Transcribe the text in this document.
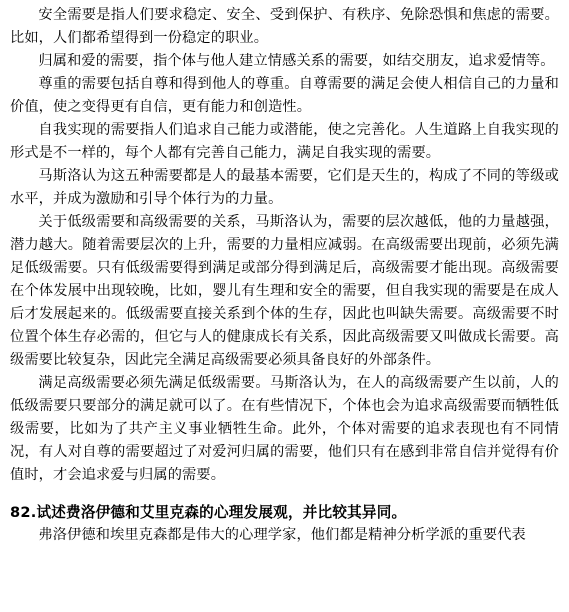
安全需要是指人们要求稳定、安全、受到保护、有秩序、免除恐惧和焦虑的需要。比如，人们都希望得到一份稳定的职业。

归属和爱的需要，指个体与他人建立情感关系的需要，如结交朋友，追求爱情等。

尊重的需要包括自尊和得到他人的尊重。自尊需要的满足会使人相信自己的力量和价值，使之变得更有自信，更有能力和创造性。

自我实现的需要指人们追求自己能力或潜能，使之完善化。人生道路上自我实现的形式是不一样的，每个人都有完善自己能力，满足自我实现的需要。

马斯洛认为这五种需要都是人的最基本需要，它们是天生的，构成了不同的等级或水平，并成为激励和引导个体行为的力量。

关于低级需要和高级需要的关系，马斯洛认为，需要的层次越低，他的力量越强，潜力越大。随着需要层次的上升，需要的力量相应减弱。在高级需要出现前，必须先满足低级需要。只有低级需要得到满足或部分得到满足后，高级需要才能出现。高级需要在个体发展中出现较晚，比如，婴儿有生理和安全的需要，但自我实现的需要是在成人后才发展起来的。低级需要直接关系到个体的生存，因此也叫缺失需要。高级需要不时位置个体生存必需的，但它与人的健康成长有关系，因此高级需要又叫做成长需要。高级需要比较复杂，因此完全满足高级需要必须具备良好的外部条件。

满足高级需要必须先满足低级需要。马斯洛认为，在人的高级需要产生以前，人的低级需要只要部分的满足就可以了。在有些情况下，个体也会为追求高级需要而牺牲低级需要，比如为了共产主义事业牺牲生命。此外，个体对需要的追求表现也有不同情况，有人对自尊的需要超过了对爱河归属的需要，他们只有在感到非常自信并觉得有价值时，才会追求爱与归属的需要。

82.试述费洛伊德和艾里克森的心理发展观，并比较其异同。

弗洛伊德和埃里克森都是伟大的心理学家，他们都是精神分析学派的重要代表
